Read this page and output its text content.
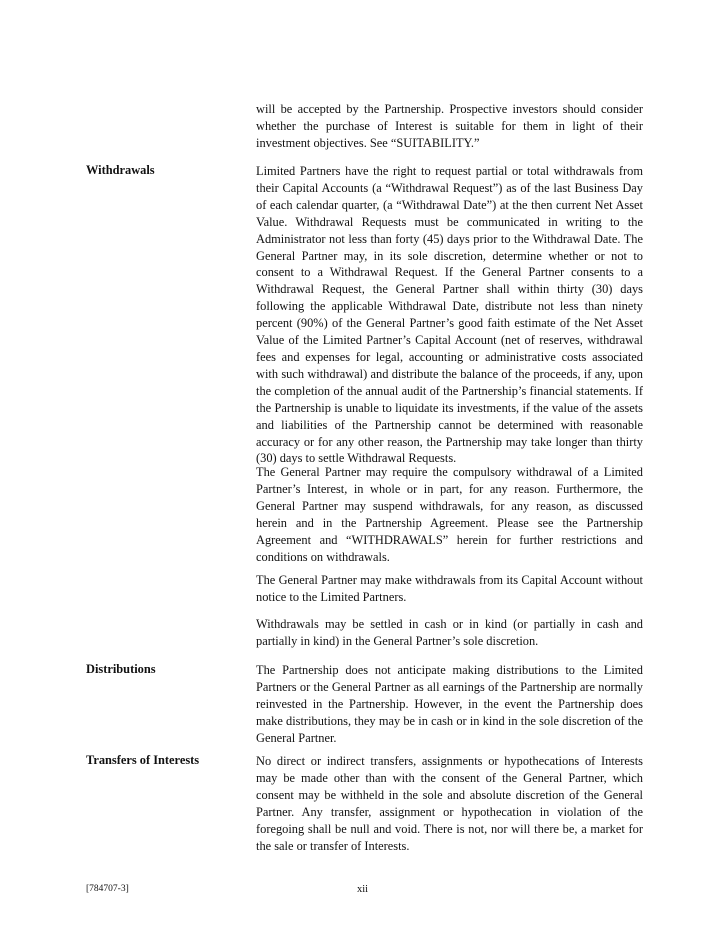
will be accepted by the Partnership. Prospective investors should consider whether the purchase of Interest is suitable for them in light of their investment objectives. See “SUITABILITY.”

Withdrawals	Limited Partners have the right to request partial or total withdrawals from their Capital Accounts (a “Withdrawal Request”) as of the last Business Day of each calendar quarter, (a “Withdrawal Date”) at the then current Net Asset Value. Withdrawal Requests must be communicated in writing to the Administrator not less than forty (45) days prior to the Withdrawal Date. The General Partner may, in its sole discretion, determine whether or not to consent to a Withdrawal Request. If the General Partner consents to a Withdrawal Request, the General Partner shall within thirty (30) days following the applicable Withdrawal Date, distribute not less than ninety percent (90%) of the General Partner’s good faith estimate of the Net Asset Value of the Limited Partner’s Capital Account (net of reserves, withdrawal fees and expenses for legal, accounting or administrative costs associated with such withdrawal) and distribute the balance of the proceeds, if any, upon the completion of the annual audit of the Partnership’s financial statements. If the Partnership is unable to liquidate its investments, if the value of the assets and liabilities of the Partnership cannot be determined with reasonable accuracy or for any other reason, the Partnership may take longer than thirty (30) days to settle Withdrawal Requests.

The General Partner may require the compulsory withdrawal of a Limited Partner’s Interest, in whole or in part, for any reason. Furthermore, the General Partner may suspend withdrawals, for any reason, as discussed herein and in the Partnership Agreement. Please see the Partnership Agreement and “WITHDRAWALS” herein for further restrictions and conditions on withdrawals.

The General Partner may make withdrawals from its Capital Account without notice to the Limited Partners.

Withdrawals may be settled in cash or in kind (or partially in cash and partially in kind) in the General Partner’s sole discretion.

Distributions	The Partnership does not anticipate making distributions to the Limited Partners or the General Partner as all earnings of the Partnership are normally reinvested in the Partnership. However, in the event the Partnership does make distributions, they may be in cash or in kind in the sole discretion of the General Partner.

Transfers of Interests	No direct or indirect transfers, assignments or hypothecations of Interests may be made other than with the consent of the General Partner, which consent may be withheld in the sole and absolute discretion of the General Partner. Any transfer, assignment or hypothecation in violation of the foregoing shall be null and void. There is not, nor will there be, a market for the sale or transfer of Interests.

[784707-3]	xii
